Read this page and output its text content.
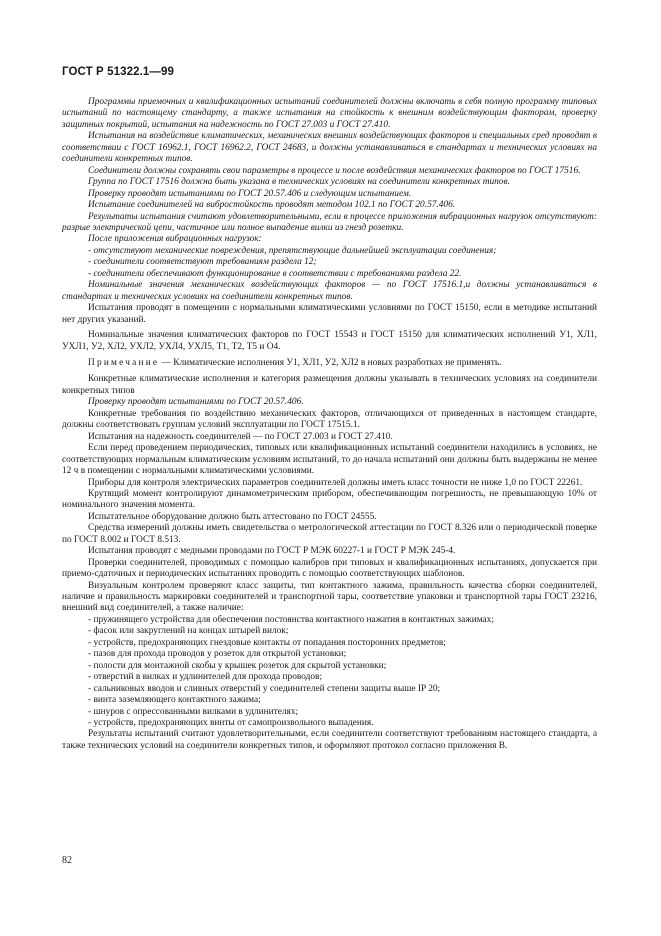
ГОСТ Р 51322.1—99

Программы приемочных и квалификационных испытаний соединителей должны включать в себя полную программу типовых испытаний по настоящему стандарту, а также испытания на стойкость к внешним воздействующим факторам, проверку защитных покрытий, испытания на надежность по ГОСТ 27.003 и ГОСТ 27.410.

Испытания на воздействие климатических, механических внешних воздействующих факторов и специальных сред проводят в соответствии с ГОСТ 16962.1, ГОСТ 16962.2, ГОСТ 24683, и должны устанавливаться в стандартах и технических условиях на соединители конкретных типов.

Соединители должны сохранять свои параметры в процессе и после воздействия механических факторов по ГОСТ 17516.

Группа по ГОСТ 17516 должна быть указана в технических условиях на соединители конкретных типов.

Проверку проводят испытаниями по ГОСТ 20.57.406 и следующим испытанием.

Испытание соединителей на вибростойкость проводят методом 102.1 по ГОСТ 20.57.406.

Результаты испытания считают удовлетворительными, если в процессе приложения вибрационных нагрузок отсутствуют: разрые электрической цепи, частичное или полное выпадение вилки из гнезд розетки.

После приложения вибрационных нагрузок:

- отсутствуют механические повреждения, препятствующие дальнейшей эксплуатации соединения;

- соединители соответствуют требованиям раздела 12;

- соединители обеспечивают функционирование в соответствии с требованиями раздела 22.

Номинальные значения механических воздействующих факторов — по ГОСТ 17516.1,и должны устанавливаться в стандартах и технических условиях на соединители конкретных типов.

Испытания проводят в помещении с нормальными климатическими условиями по ГОСТ 15150, если в методике испытаний нет других указаний.

Номинальные значения климатических факторов по ГОСТ 15543 и ГОСТ 15150 для климатических исполнений У1, ХЛ1, УХЛ1, У2, ХЛ2, УХЛ2, УХЛ4, УХЛ5, Т1, Т2, Т5 и О4.

Примечание — Климатические исполнения У1, ХЛ1, У2, ХЛ2 в новых разработках не применять.

Конкретные климатические исполнения и категория размещения должны указывать в технических условиях на соединители конкретных типов

Проверку проводят испытаниями по ГОСТ 20.57.406.

Конкретные требования по воздействию механических факторов, отличающихся от приведенных в настоящем стандарте, должны соответствовать группам условий эксплуатации по ГОСТ 17515.1.

Испытания на надежность соединителей — по ГОСТ 27.003 и ГОСТ 27.410.

Если перед проведением периодических, типовых или квалификационных испытаний соединители находились в условиях, не соответствующих нормальным климатическим условиям испытаний, то до начала испытаний они должны быть выдержаны не менее 12 ч в помещении с нормальными климатическими условиями.

Приборы для контроля электрических параметров соединителей должны иметь класс точности не ниже 1,0 по ГОСТ 22261.

Крутящий момент контролируют динамометрическим прибором, обеспечивающим погрешность, не превышающую 10% от номинального значения момента.

Испытательное оборудование должно быть аттестовано по ГОСТ 24555.

Средства измерений должны иметь свидетельства о метрологической аттестации по ГОСТ 8.326 или о периодической поверке по ГОСТ 8.002 и ГОСТ 8.513.

Испытания проводят с медными проводами по ГОСТ Р МЭК 60227-1 и ГОСТ Р МЭК 245-4.

Проверки соединителей, проводимых с помощью калибров при типовых и квалификационных испытаниях, допускается при приемо-сдаточных и периодических испытаниях проводить с помощью соответствующих шаблонов.

Визуальным контролем проверяют класс защиты, тип контактного зажима, правильность качества сборки соединителей, наличие и правильность маркировки соединителей и транспортной тары, соответствие упаковки и транспортной тары ГОСТ 23216, внешний вид соединителей, а также наличие:

- пружинящего устройства для обеспечения постоянства контактного нажатия в контактных зажимах;

- фасок или закруглений на концах штырей вилок;

- устройств, предохраняющих гнездовые контакты от попадания посторонних предметов;

- пазов для прохода проводов у розеток для открытой установки;

- полости для монтажной скобы у крышек розеток для скрытой установки;

- отверстий в вилках и удлинителей для прохода проводов;

- сальниковых вводов и сливных отверстий у соединителей степени защиты выше IP 20;

- винта заземляющего контактного зажима;

- шнуров с опрессованными вилками в удлинителях;

- устройств, предохраняющих винты от самопроизвольного выпадения.

Результаты испытаний считают удовлетворительными, если соединители соответствуют требованиям настоящего стандарта, а также технических условий на соединители конкретных типов, и оформляют протокол согласно приложения В.

82
